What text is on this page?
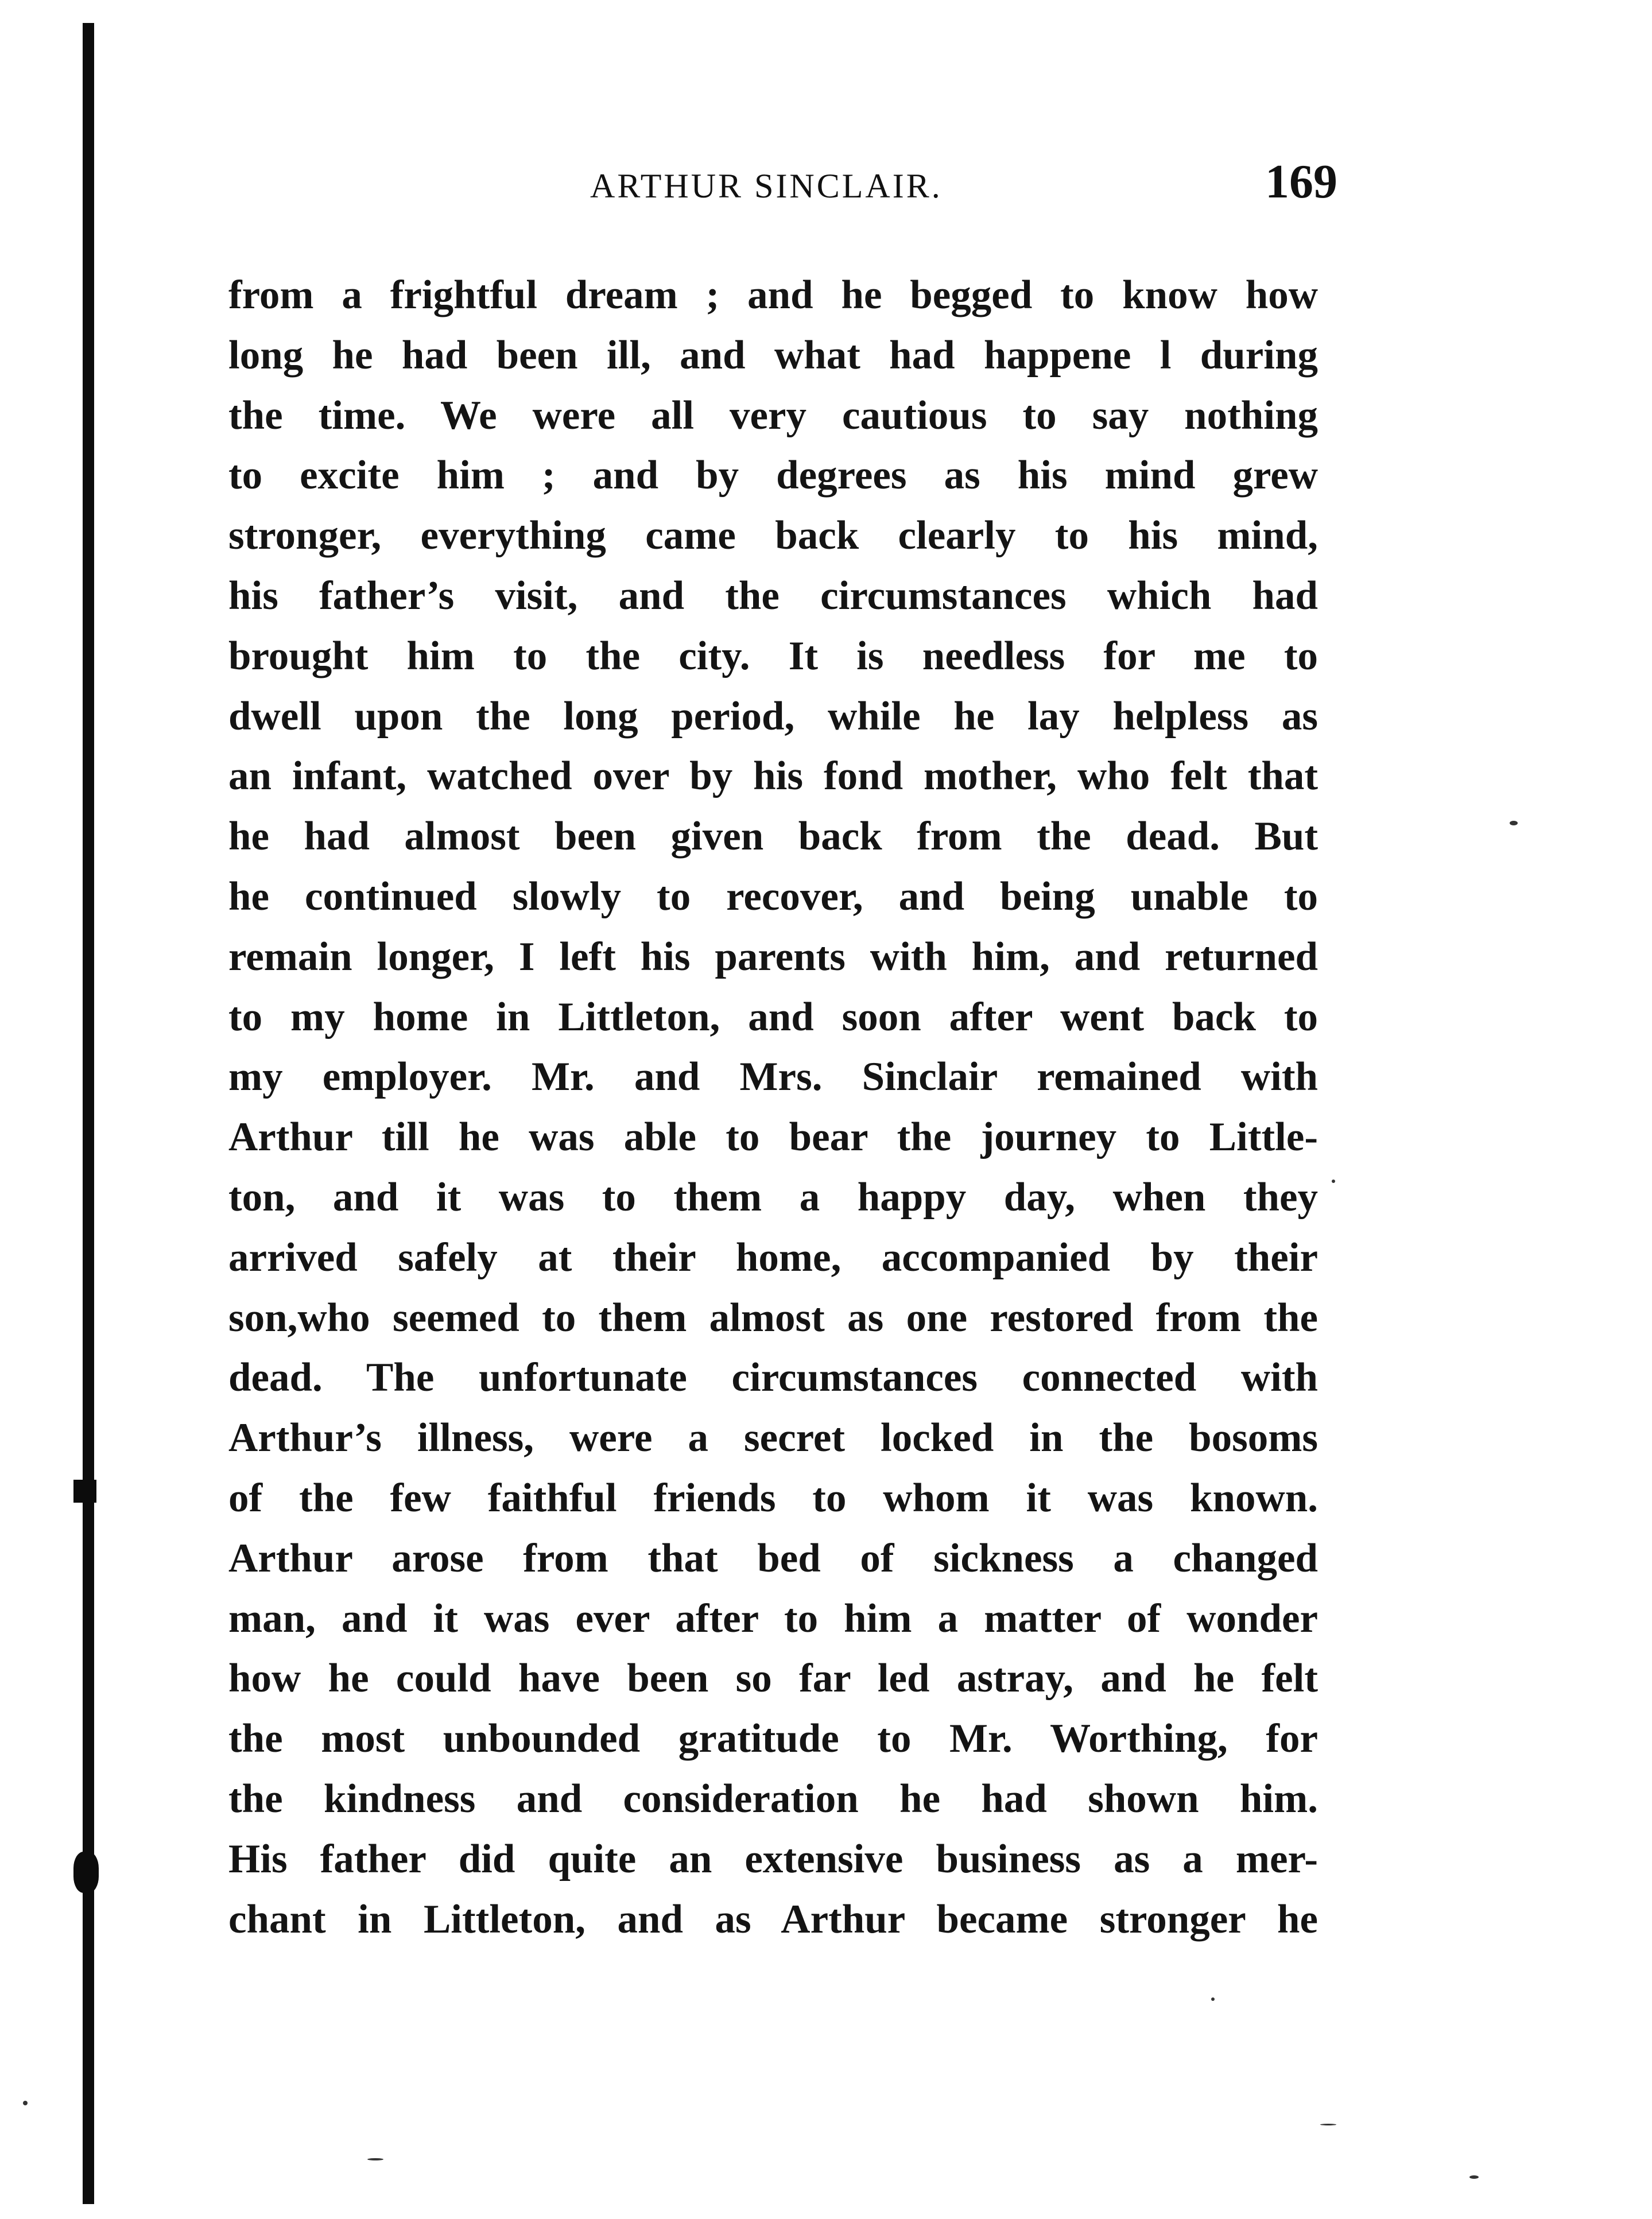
ARTHUR SINCLAIR.	169
from a frightful dream ; and he begged to know how
long he had been ill, and what had happene l during
the time. We were all very cautious to say nothing
to excite him ; and by degrees as his mind grew
stronger, everything came back clearly to his mind,
his father’s visit, and the circumstances which had
brought him to the city. It is needless for me to
dwell upon the long period, while he lay helpless as
an infant, watched over by his fond mother, who felt that
he had almost been given back from the dead. But
he continued slowly to recover, and being unable to
remain longer, I left his parents with him, and returned
to my home in Littleton, and soon after went back to
my employer. Mr. and Mrs. Sinclair remained with
Arthur till he was able to bear the journey to Little-
ton, and it was to them a happy day, when they
arrived safely at their home, accompanied by their
son,who seemed to them almost as one restored from the
dead. The unfortunate circumstances connected with
Arthur’s illness, were a secret locked in the bosoms
of the few faithful friends to whom it was known.
Arthur arose from that bed of sickness a changed
man, and it was ever after to him a matter of wonder
how he could have been so far led astray, and he felt
the most unbounded gratitude to Mr. Worthing, for
the kindness and consideration he had shown him.
His father did quite an extensive business as a mer-
chant in Littleton, and as Arthur became stronger he
